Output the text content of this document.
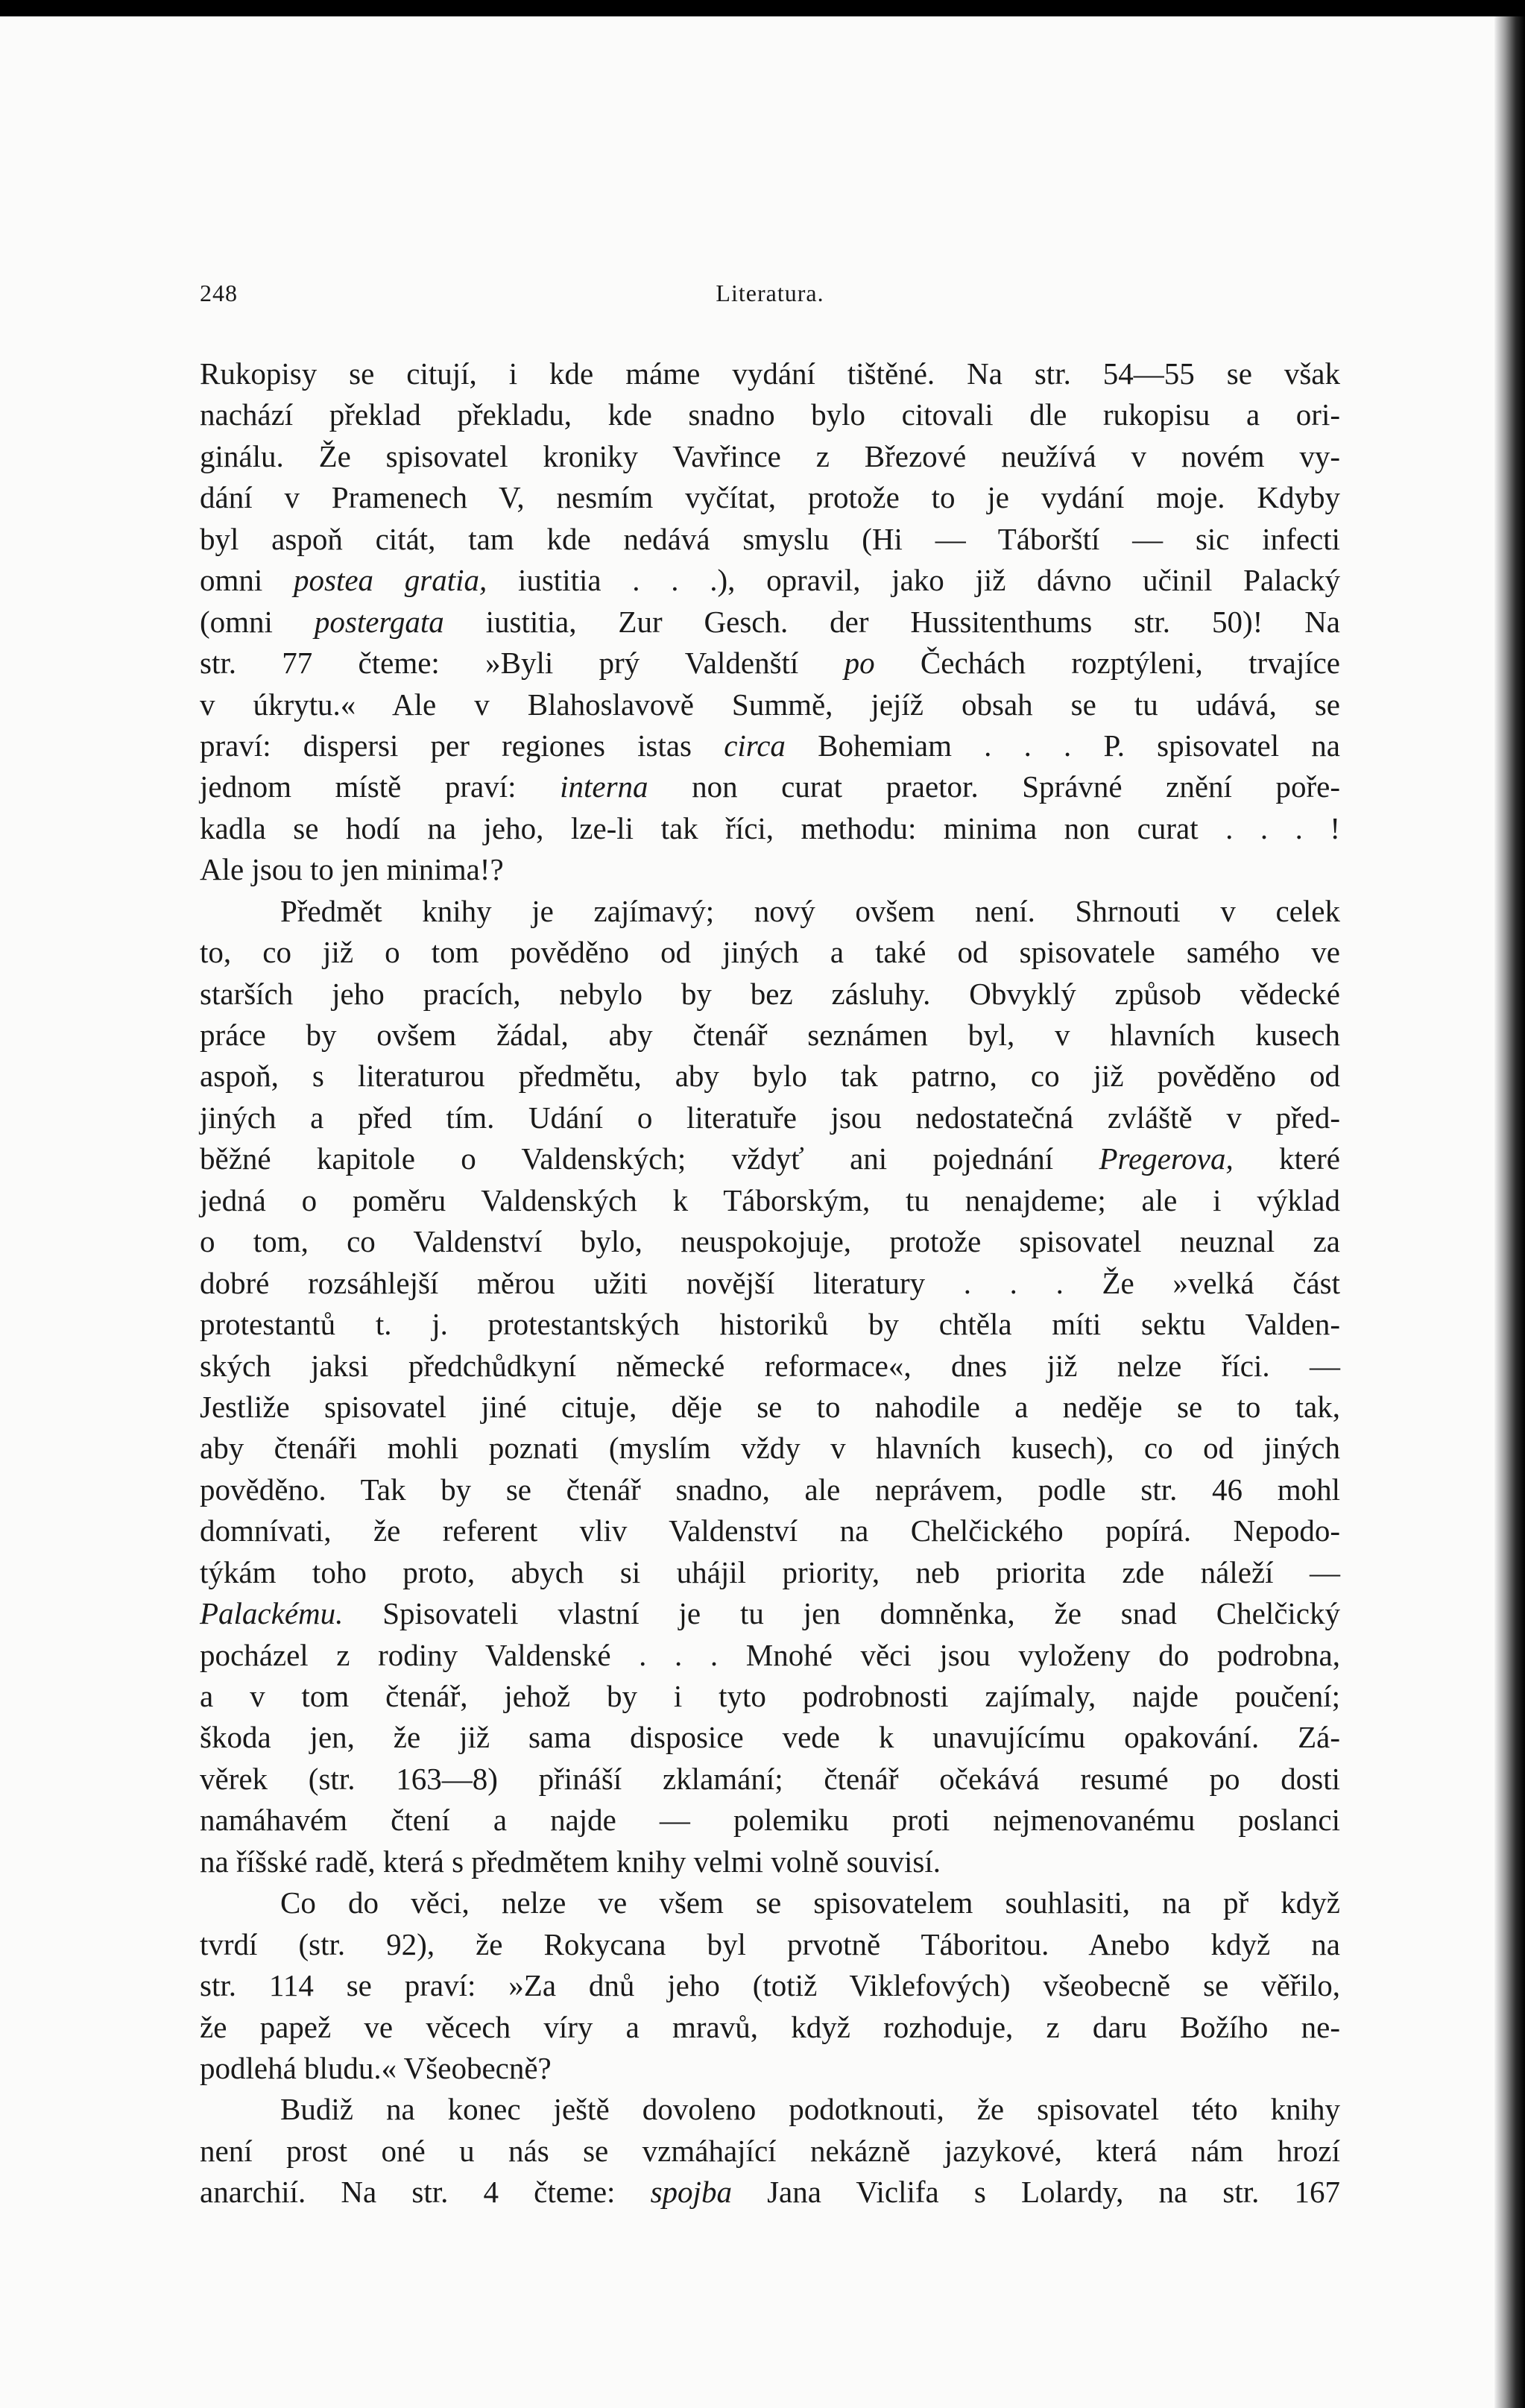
248	Literatura.
Rukopisy se citují, i kde máme vydání tištěné. Na str. 54—55 se však
nachází překlad překladu, kde snadno bylo citovali dle rukopisu a ori-
ginálu. Že spisovatel kroniky Vavřince z Březové neužívá v novém vy-
dání v Pramenech V, nesmím vyčítat, protože to je vydání moje. Kdyby
byl aspoň citát, tam kde nedává smyslu (Hi — Táborští — sic infecti
omni postea gratia, iustitia . . .), opravil, jako již dávno učinil Palacký
(omni postergata iustitia, Zur Gesch. der Hussitenthums str. 50)! Na
str. 77 čteme: »Byli prý Valdenští po Čechách rozptýleni, trvajíce
v úkrytu.« Ale v Blahoslavově Summě, jejíž obsah se tu udává, se
praví: dispersi per regiones istas circa Bohemiam . . . P. spisovatel na
jednom místě praví: interna non curat praetor. Správné znění pořе-
kadla se hodí na jeho, lze-li tak říci, methodu: minima non curat . . . !
Ale jsou to jen minima!?
Předmět knihy je zajímavý; nový ovšem není. Shrnouti v celek
to, co již o tom pověděno od jiných a také od spisovatele samého ve
starších jeho pracích, nebylo by bez zásluhy. Obvyklý způsob vědecké
práce by ovšem žádal, aby čtenář seznámen byl, v hlavních kusech
aspoň, s literaturou předmětu, aby bylo tak patrno, co již pověděno od
jiných a před tím. Udání o literatuře jsou nedostatečná zvláště v před-
běžné kapitole o Valdenských; vždyť ani pojednání Pregerova, které
jedná o poměru Valdenských k Táborským, tu nenajdeme; ale i výklad
o tom, co Valdenství bylo, neuspokojuje, protože spisovatel neuznal za
dobré rozsáhlejší měrou užiti novější literatury . . . Že »velká část
protestantů t. j. protestantských historiků by chtěla míti sektu Valden-
ských jaksi předchůdkyní německé reformace«, dnes již nelze říci. —
Jestliže spisovatel jiné cituje, děje se to nahodile a neděje se to tak,
aby čtenáři mohli poznati (myslím vždy v hlavních kusech), co od jiných
pověděno. Tak by se čtenář snadno, ale neprávem, podle str. 46 mohl
domnívati, že referent vliv Valdenství na Chelčického popírá. Nepodo-
týkám toho proto, abych si uhájil priority, neb priorita zde náleží —
Palackému. Spisovateli vlastní je tu jen domněnka, že snad Chelčický
pocházel z rodiny Valdenské . . . Mnohé věci jsou vyloženy do podrobna,
a v tom čtenář, jehož by i tyto podrobnosti zajímaly, najde poučení;
škoda jen, že již sama disposice vede k unavujícímu opakování. Zá-
věrek (str. 163—8) přináší zklamání; čtenář očekává resumé po dosti
namáhavém čtení a najde — polemiku proti nejmenovanému poslanci
na říšské radě, která s předmětem knihy velmi volně souvisí.
Co do věci, nelze ve všem se spisovatelem souhlasiti, na př když
tvrdí (str. 92), že Rokycana byl prvotně Táboritou. Anebo když na
str. 114 se praví: »Za dnů jeho (totiž Viklefových) všeobecně se věřilo,
že papež ve věcech víry a mravů, když rozhoduje, z daru Božího ne-
podlehá bludu.« Všeobecně?
Budiž na konec ještě dovoleno podotknouti, že spisovatel této knihy
není prost oné u nás se vzmáhající nekázně jazykové, která nám hrozí
anarchií. Na str. 4 čteme: spojba Jana Viclifa s Lolardy, na str. 167
